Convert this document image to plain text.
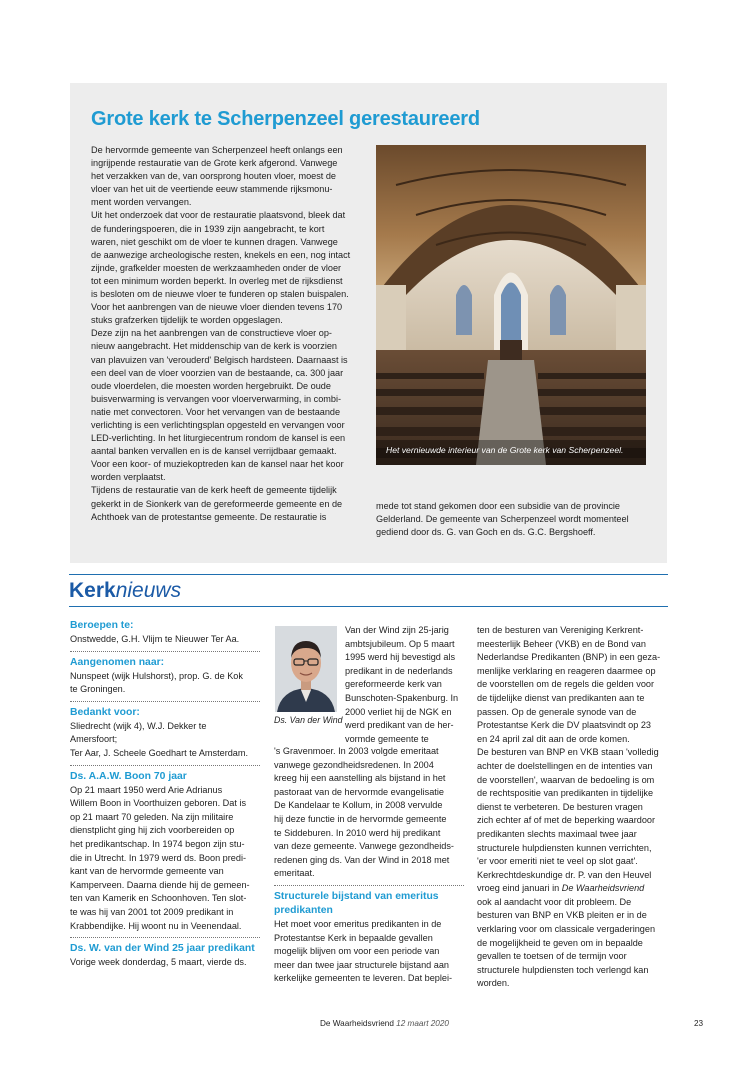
Grote kerk te Scherpenzeel gerestaureerd

De hervormde gemeente van Scherpenzeel heeft onlangs een

ingrijpende restauratie van de Grote kerk afgerond. Vanwege

het verzakken van de, van oorsprong houten vloer, moest de

vloer van het uit de veertiende eeuw stammende rijksmonu-

ment worden vervangen.

Uit het onderzoek dat voor de restauratie plaatsvond, bleek dat

de funderingspoeren, die in 1939 zijn aangebracht, te kort

waren, niet geschikt om de vloer te kunnen dragen. Vanwege

de aanwezige archeologische resten, knekels en een, nog intact

zijnde, grafkelder moesten de werkzaamheden onder de vloer

tot een minimum worden beperkt. In overleg met de rijksdienst

is besloten om de nieuwe vloer te funderen op stalen buispalen.

Voor het aanbrengen van de nieuwe vloer dienden tevens 170

stuks grafzerken tijdelijk te worden opgeslagen.

Deze zijn na het aanbrengen van de constructieve vloer op-

nieuw aangebracht. Het middenschip van de kerk is voorzien

van plavuizen van 'verouderd' Belgisch hardsteen. Daarnaast is

een deel van de vloer voorzien van de bestaande, ca. 300 jaar

oude vloerdelen, die moesten worden hergebruikt. De oude

buisverwarming is vervangen voor vloerverwarming, in combi-

natie met convectoren. Voor het vervangen van de bestaande

verlichting is een verlichtingsplan opgesteld en vervangen voor

LED-verlichting. In het liturgiecentrum rondom de kansel is een

aantal banken vervallen en is de kansel verrijdbaar gemaakt.

Voor een koor- of muziekoptreden kan de kansel naar het koor

worden verplaatst.

Tijdens de restauratie van de kerk heeft de gemeente tijdelijk

gekerkt in de Sionkerk van de gereformeerde gemeente en de

Achthoek van de protestantse gemeente. De restauratie is

Het vernieuwde interieur van de Grote kerk van Scherpenzeel.

mede tot stand gekomen door een subsidie van de provincie

Gelderland. De gemeente van Scherpenzeel wordt momenteel

gediend door ds. G. van Goch en ds. G.C. Bergshoeff.

Kerknieuws

Beroepen te:

Onstwedde, G.H. Vlijm te Nieuwer Ter Aa.

Aangenomen naar:

Nunspeet (wijk Hulshorst), prop. G. de Kok

te Groningen.

Bedankt voor:

Sliedrecht (wijk 4), W.J. Dekker te

Amersfoort;

Ter Aar, J. Scheele Goedhart te Amsterdam.

Ds. A.A.W. Boon 70 jaar

Op 21 maart 1950 werd Arie Adrianus

Willem Boon in Voorthuizen geboren. Dat is

op 21 maart 70 geleden. Na zijn militaire

dienstplicht ging hij zich voorbereiden op

het predikantschap. In 1974 begon zijn stu-

die in Utrecht. In 1979 werd ds. Boon predi-

kant van de hervormde gemeente van

Kamperveen. Daarna diende hij de gemeen-

ten van Kamerik en Schoonhoven. Ten slot-

te was hij van 2001 tot 2009 predikant in

Krabbendijke. Hij woont nu in Veenendaal.

Ds. W. van der Wind 25 jaar predikant

Vorige week donderdag, 5 maart, vierde ds.

Ds. Van der Wind

Van der Wind zijn 25-jarig

ambtsjubileum. Op 5 maart

1995 werd hij bevestigd als

predikant in de nederlands

gereformeerde kerk van

Bunschoten-Spakenburg. In

2000 verliet hij de NGK en

werd predikant van de her-

vormde gemeente te

's Gravenmoer. In 2003 volgde emeritaat

vanwege gezondheidsredenen. In 2004

kreeg hij een aanstelling als bijstand in het

pastoraat van de hervormde evangelisatie

De Kandelaar te Kollum, in 2008 vervulde

hij deze functie in de hervormde gemeente

te Siddeburen. In 2010 werd hij predikant

van deze gemeente. Vanwege gezondheids-

redenen ging ds. Van der Wind in 2018 met

emeritaat.

Structurele bijstand van emeritus

predikanten

Het moet voor emeritus predikanten in de

Protestantse Kerk in bepaalde gevallen

mogelijk blijven om voor een periode van

meer dan twee jaar structurele bijstand aan

kerkelijke gemeenten te leveren. Dat beplei-

ten de besturen van Vereniging Kerkrent-

meesterlijk Beheer (VKB) en de Bond van

Nederlandse Predikanten (BNP) in een geza-

menlijke verklaring en reageren daarmee op

de voorstellen om de regels die gelden voor

de tijdelijke dienst van predikanten aan te

passen. Op de generale synode van de

Protestantse Kerk die DV plaatsvindt op 23

en 24 april zal dit aan de orde komen.

De besturen van BNP en VKB staan 'volledig

achter de doelstellingen en de intenties van

de voorstellen', waarvan de bedoeling is om

de rechtspositie van predikanten in tijdelijke

dienst te verbeteren. De besturen vragen

zich echter af of met de beperking waardoor

predikanten slechts maximaal twee jaar

structurele hulpdiensten kunnen verrichten,

'er voor emeriti niet te veel op slot gaat'.

Kerkrechtdeskundige dr. P. van den Heuvel

vroeg eind januari in De Waarheidsvriend

ook al aandacht voor dit probleem. De

besturen van BNP en VKB pleiten er in de

verklaring voor om classicale vergaderingen

de mogelijkheid te geven om in bepaalde

gevallen te toetsen of de termijn voor

structurele hulpdiensten toch verlengd kan

worden.

De Waarheidsvriend 12 maart 2020	23
